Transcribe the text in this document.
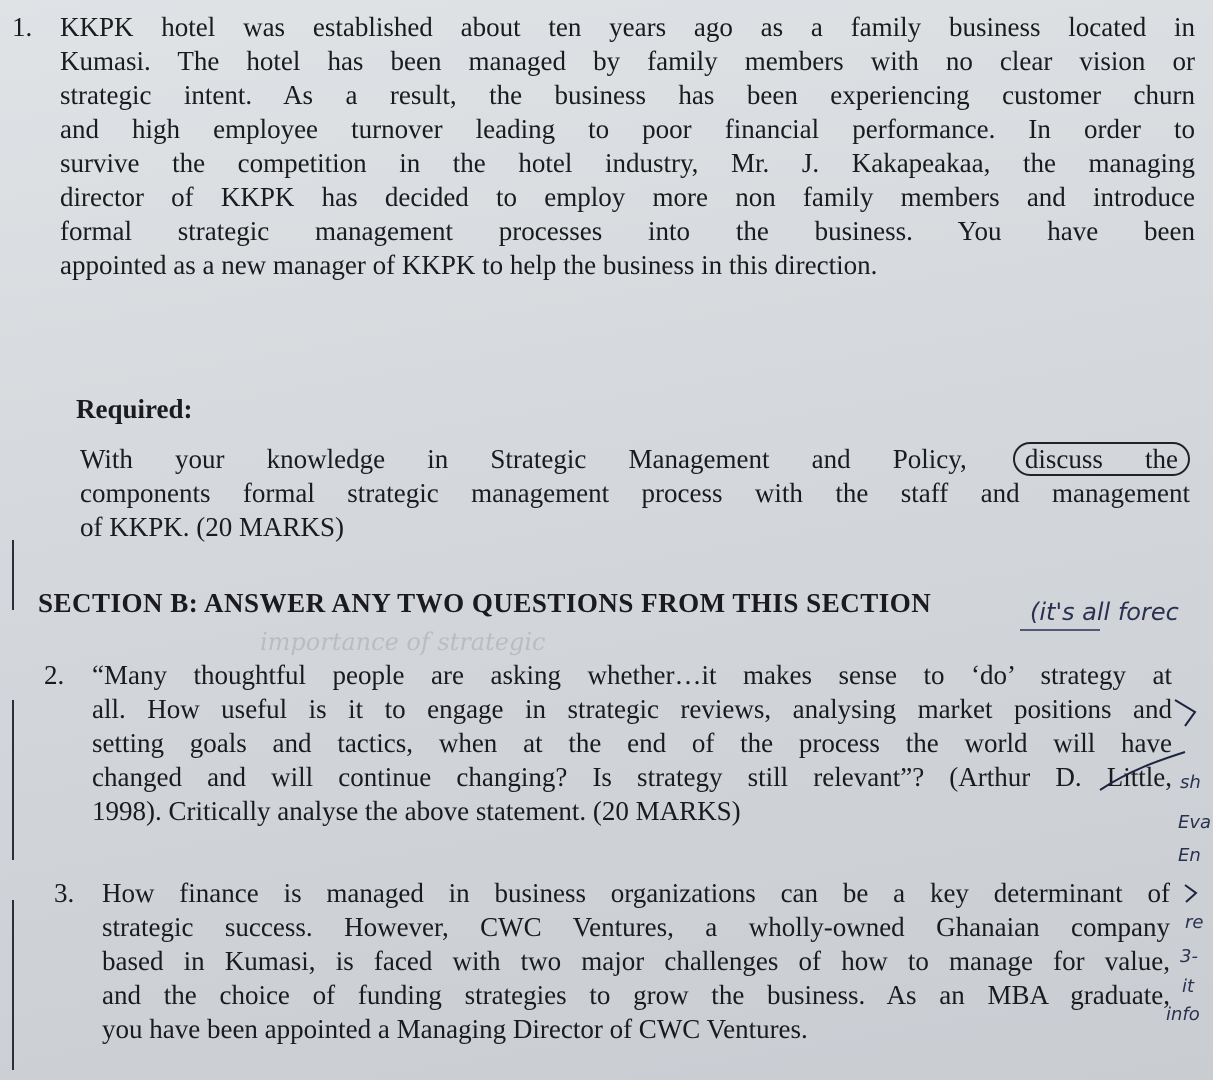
1. KKPK hotel was established about ten years ago as a family business located in
Kumasi. The hotel has been managed by family members with no clear vision or
strategic intent. As a result, the business has been experiencing customer churn
and high employee turnover leading to poor financial performance. In order to
survive the competition in the hotel industry, Mr. J. Kakapeakaa, the managing
director of KKPK has decided to employ more non family members and introduce
formal strategic management processes into the business. You have been
appointed as a new manager of KKPK to help the business in this direction.
Required:
With your knowledge in Strategic Management and Policy, discuss the
components formal strategic management process with the staff and management
of KKPK. (20 MARKS)
SECTION B: ANSWER ANY TWO QUESTIONS FROM THIS SECTION
importance of strategic
2. “Many thoughtful people are asking whether…it makes sense to ‘do’ strategy at
all. How useful is it to engage in strategic reviews, analysing market positions and
setting goals and tactics, when at the end of the process the world will have
changed and will continue changing? Is strategy still relevant”? (Arthur D. Little,
1998). Critically analyse the above statement. (20 MARKS)
3. How finance is managed in business organizations can be a key determinant of
strategic success. However, CWC Ventures, a wholly-owned Ghanaian company
based in Kumasi, is faced with two major challenges of how to manage for value,
and the choice of funding strategies to grow the business. As an MBA graduate,
you have been appointed a Managing Director of CWC Ventures.
(it's all forec
sh
Eva
En
re
3-
it
info
